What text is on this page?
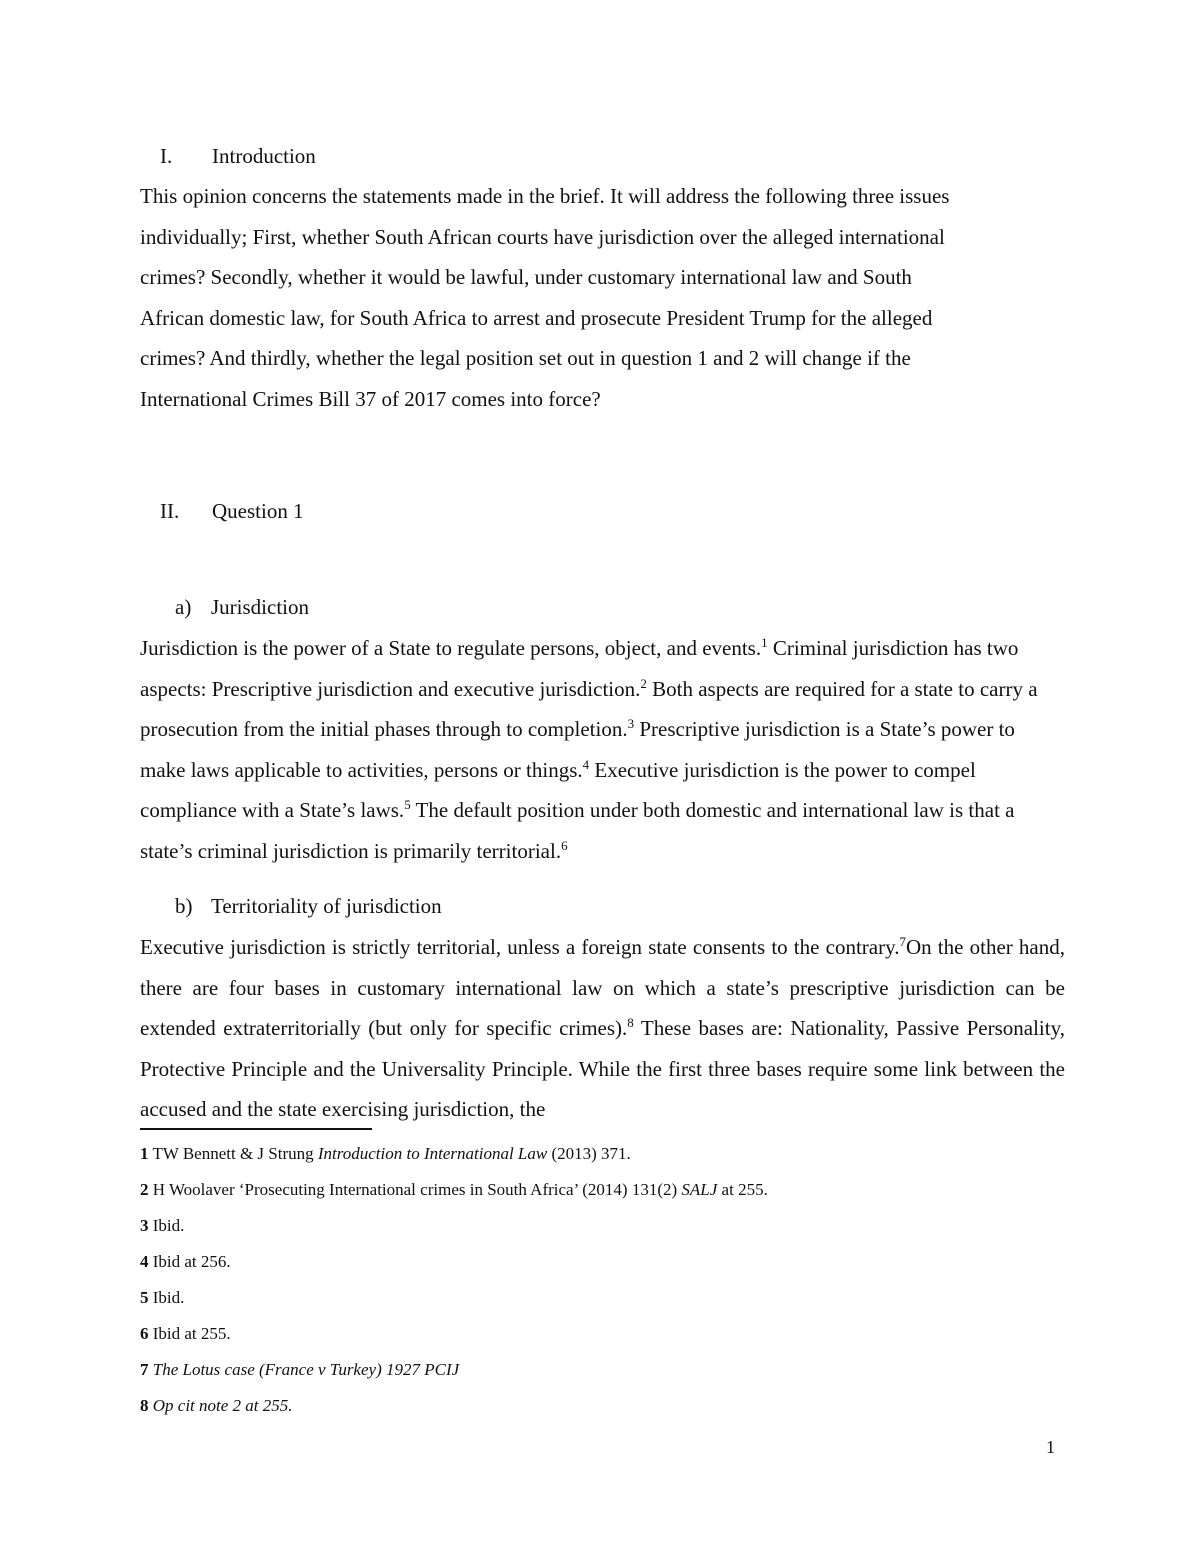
I. Introduction
This opinion concerns the statements made in the brief. It will address the following three issues
individually; First, whether South African courts have jurisdiction over the alleged international
crimes? Secondly, whether it would be lawful, under customary international law and South
African domestic law, for South Africa to arrest and prosecute President Trump for the alleged
crimes? And thirdly, whether the legal position set out in question 1 and 2 will change if the
International Crimes Bill 37 of 2017 comes into force?
II. Question 1
a) Jurisdiction

Jurisdiction is the power of a State to regulate persons, object, and events.$^1$ Criminal jurisdiction has two aspects: Prescriptive jurisdiction and executive jurisdiction.$^2$ Both aspects are required for a state to carry a prosecution from the initial phases through to completion.$^3$ Prescriptive jurisdiction is a State’s power to make laws applicable to activities, persons or things.$^4$ Executive jurisdiction is the power to compel compliance with a State’s laws.$^5$ The default position under both domestic and international law is that a state’s criminal jurisdiction is primarily territorial.$^6$

b) Territoriality of jurisdiction

Executive jurisdiction is strictly territorial, unless a foreign state consents to the contrary.$^7$On the other hand, there are four bases in customary international law on which a state’s prescriptive jurisdiction can be extended extraterritorially (but only for specific crimes).$^8$ These bases are: Nationality, Passive Personality, Protective Principle and the Universality Principle. While the first three bases require some link between the accused and the state exercising jurisdiction, the

1 TW Bennett & J Strung Introduction to International Law (2013) 371.
2 H Woolaver ‘Prosecuting International crimes in South Africa’ (2014) 131(2) SALJ at 255.
3 Ibid.
4 Ibid at 256.
5 Ibid.
6 Ibid at 255.
7 The Lotus case (France v Turkey) 1927 PCIJ
8 Op cit note 2 at 255.
1
